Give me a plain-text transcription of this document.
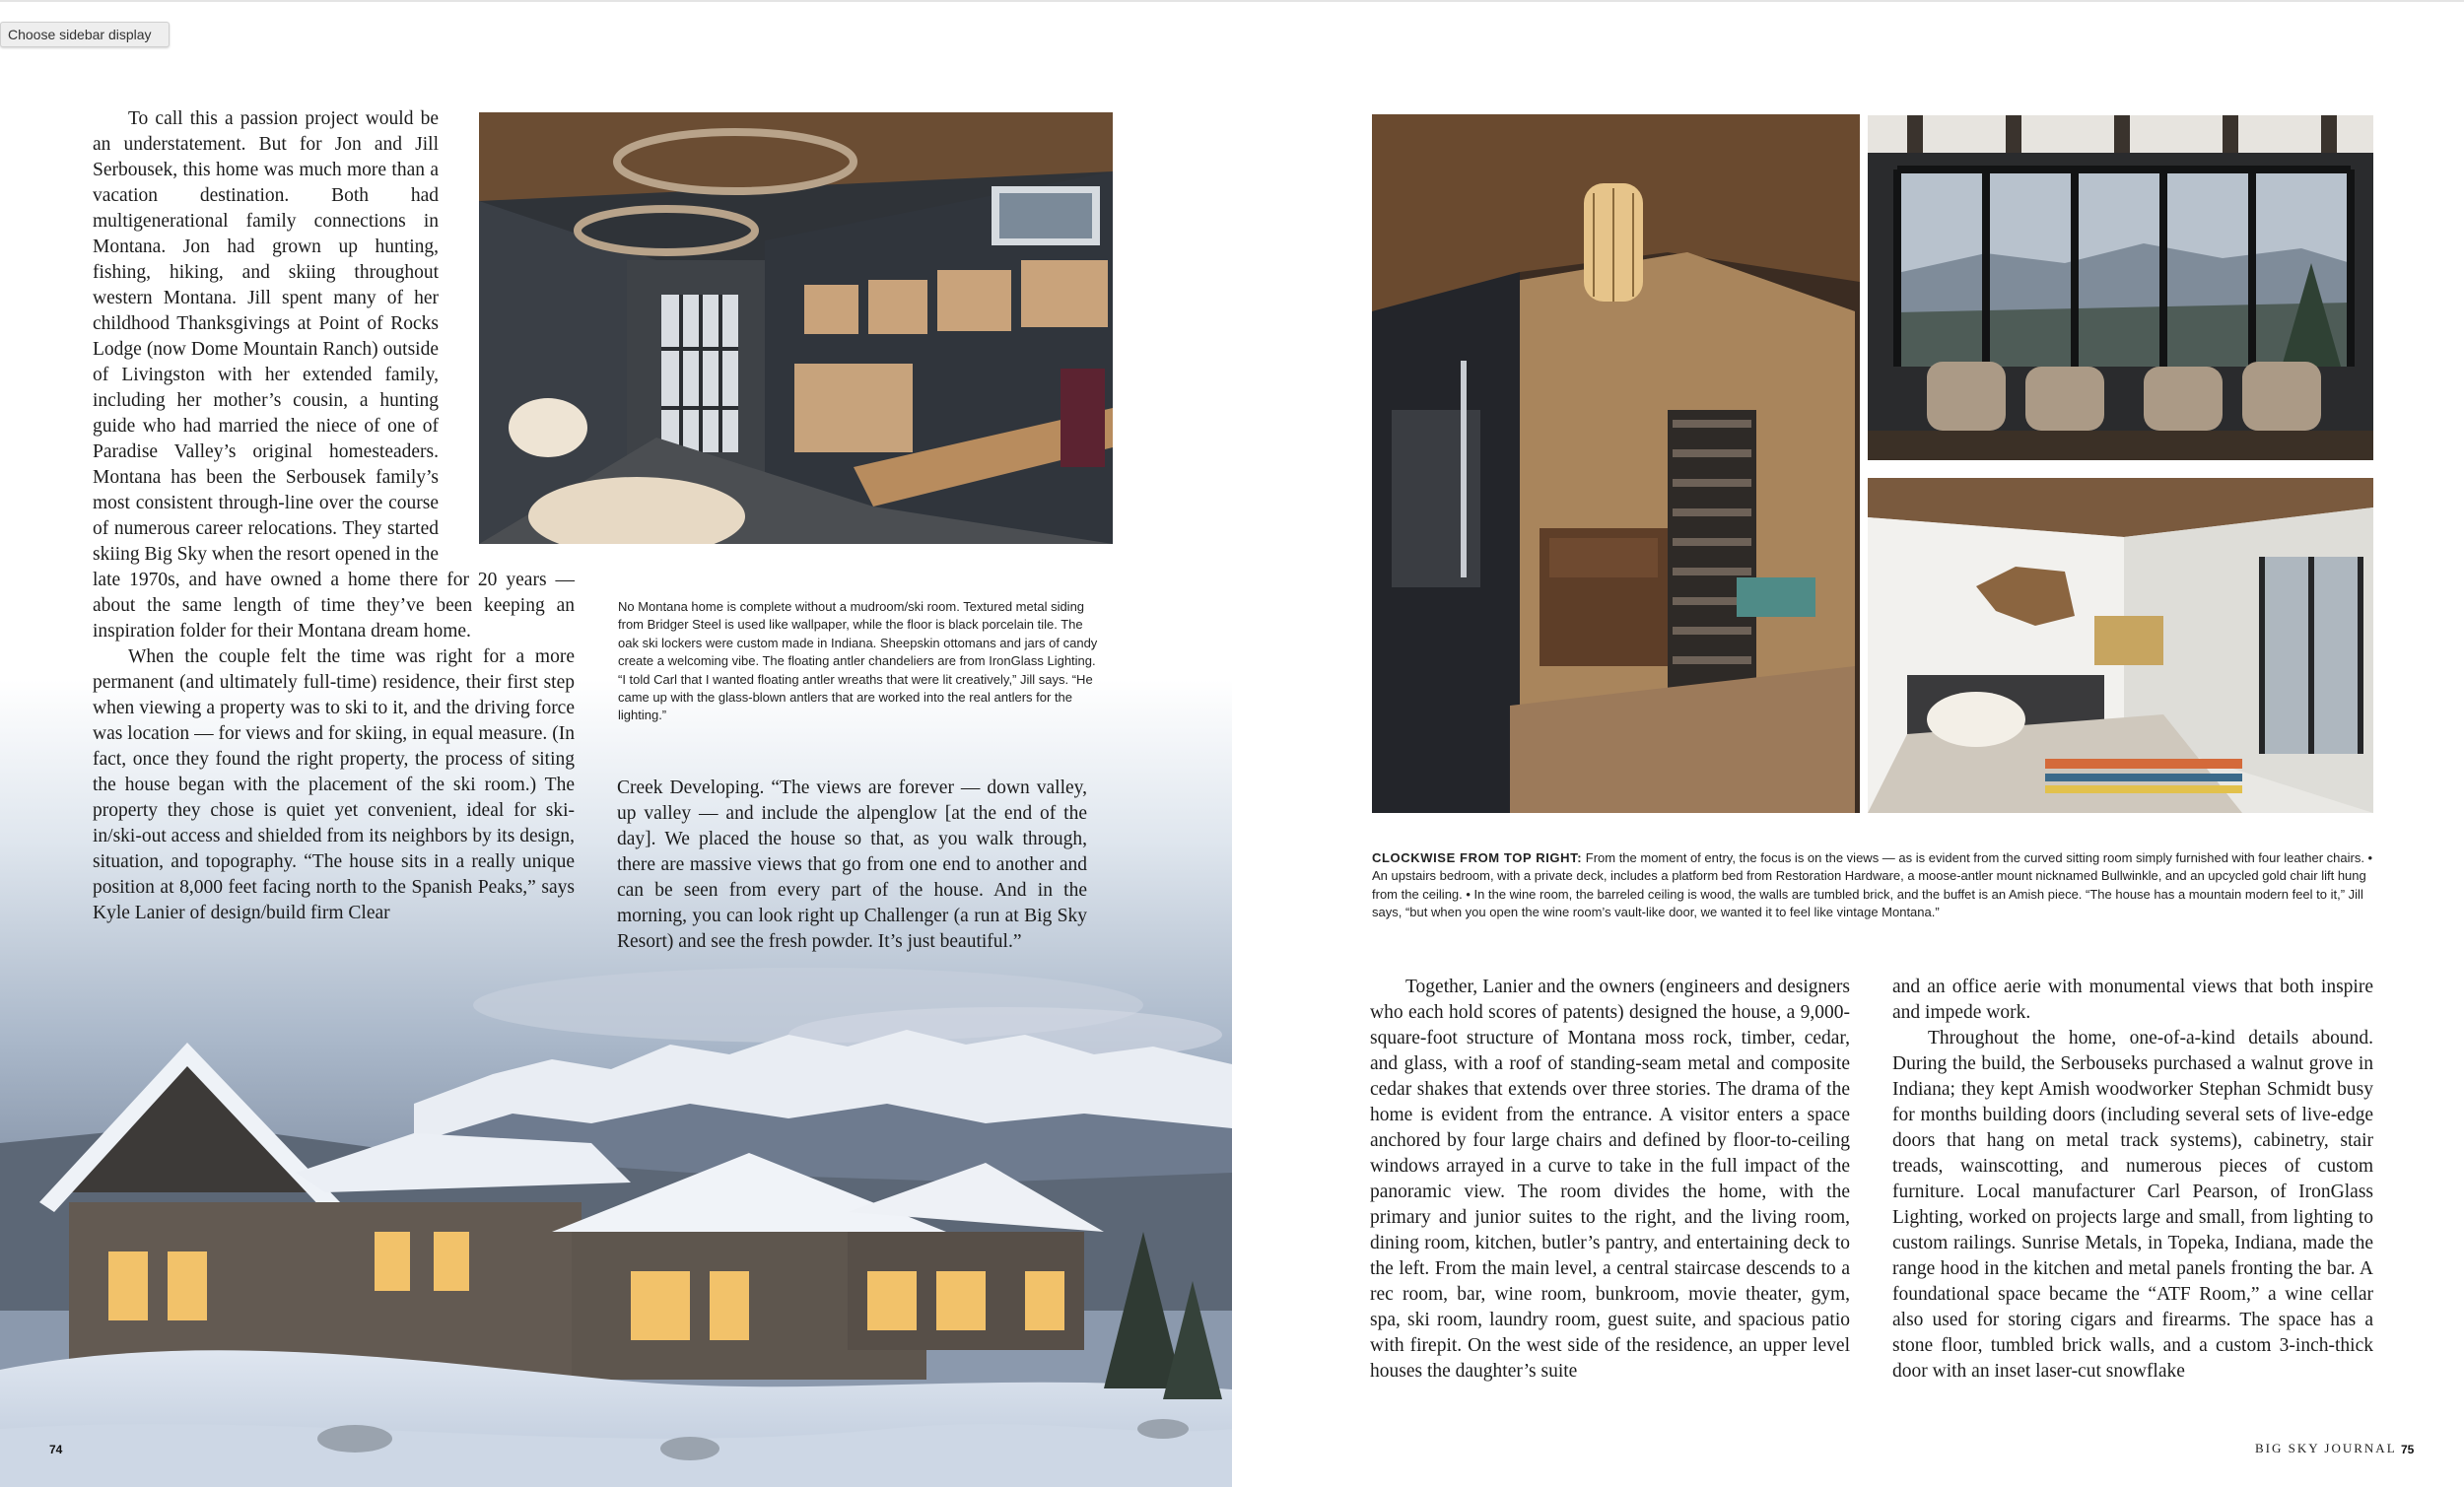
Choose sidebar display

To call this a passion project would be an understatement. But for Jon and Jill Serbousek, this home was much more than a vacation destination. Both had multigenerational family connections in Montana. Jon had grown up hunting, fishing, hiking, and skiing throughout western Montana. Jill spent many of her childhood Thanksgivings at Point of Rocks Lodge (now Dome Mountain Ranch) outside of Livingston with her extended family, including her mother’s cousin, a hunting guide who had married the niece of one of Paradise Valley’s original homesteaders. Montana has been the Serbousek family’s most consistent through-line over the course of numerous career relocations. They started skiing Big Sky when the resort opened in the late 1970s, and have owned a home there for 20 years — about the same length of time they’ve been keeping an inspiration folder for their Montana dream home.

When the couple felt the time was right for a more permanent (and ultimately full-time) residence, their first step when viewing a property was to ski to it, and the driving force was location — for views and for skiing, in equal measure. (In fact, once they found the right property, the process of siting the house began with the placement of the ski room.) The property they chose is quiet yet convenient, ideal for ski-in/ski-out access and shielded from its neighbors by its design, situation, and topography. “The house sits in a really unique position at 8,000 feet facing north to the Spanish Peaks,” says Kyle Lanier of design/build firm Clear

No Montana home is complete without a mudroom/ski room. Textured metal siding from Bridger Steel is used like wallpaper, while the floor is black porcelain tile. The oak ski lockers were custom made in Indiana. Sheepskin ottomans and jars of candy create a welcoming vibe. The floating antler chandeliers are from IronGlass Lighting. “I told Carl that I wanted floating antler wreaths that were lit creatively,” Jill says. “He came up with the glass-blown antlers that are worked into the real antlers for the lighting.”

Creek Developing. “The views are forever — down valley, up valley — and include the alpenglow [at the end of the day]. We placed the house so that, as you walk through, there are massive views that go from one end to another and can be seen from every part of the house. And in the morning, you can look right up Challenger (a run at Big Sky Resort) and see the fresh powder. It’s just beautiful.”

74
CLOCKWISE FROM TOP RIGHT: From the moment of entry, the focus is on the views — as is evident from the curved sitting room simply furnished with four leather chairs. • An upstairs bedroom, with a private deck, includes a platform bed from Restoration Hardware, a moose-antler mount nicknamed Bullwinkle, and an upcycled gold chair lift hung from the ceiling. • In the wine room, the barreled ceiling is wood, the walls are tumbled brick, and the buffet is an Amish piece. “The house has a mountain modern feel to it,” Jill says, “but when you open the wine room’s vault-like door, we wanted it to feel like vintage Montana.”

Together, Lanier and the owners (engineers and designers who each hold scores of patents) designed the house, a 9,000-square-foot structure of Montana moss rock, timber, cedar, and glass, with a roof of standing-seam metal and composite cedar shakes that extends over three stories. The drama of the home is evident from the entrance. A visitor enters a space anchored by four large chairs and defined by floor-to-ceiling windows arrayed in a curve to take in the full impact of the panoramic view. The room divides the home, with the primary and junior suites to the right, and the living room, dining room, kitchen, butler’s pantry, and entertaining deck to the left. From the main level, a central staircase descends to a rec room, bar, wine room, bunkroom, movie theater, gym, spa, ski room, laundry room, guest suite, and spacious patio with firepit. On the west side of the residence, an upper level houses the daughter’s suite

and an office aerie with monumental views that both inspire and impede work.

Throughout the home, one-of-a-kind details abound. During the build, the Serbouseks purchased a walnut grove in Indiana; they kept Amish woodworker Stephan Schmidt busy for months building doors (including several sets of live-edge doors that hang on metal track systems), cabinetry, stair treads, wainscotting, and numerous pieces of custom furniture. Local manufacturer Carl Pearson, of IronGlass Lighting, worked on projects large and small, from lighting to custom railings. Sunrise Metals, in Topeka, Indiana, made the range hood in the kitchen and metal panels fronting the bar. A foundational space became the “ATF Room,” a wine cellar also used for storing cigars and firearms. The space has a stone floor, tumbled brick walls, and a custom 3-inch-thick door with an inset laser-cut snowflake

BIG SKY JOURNAL 75
